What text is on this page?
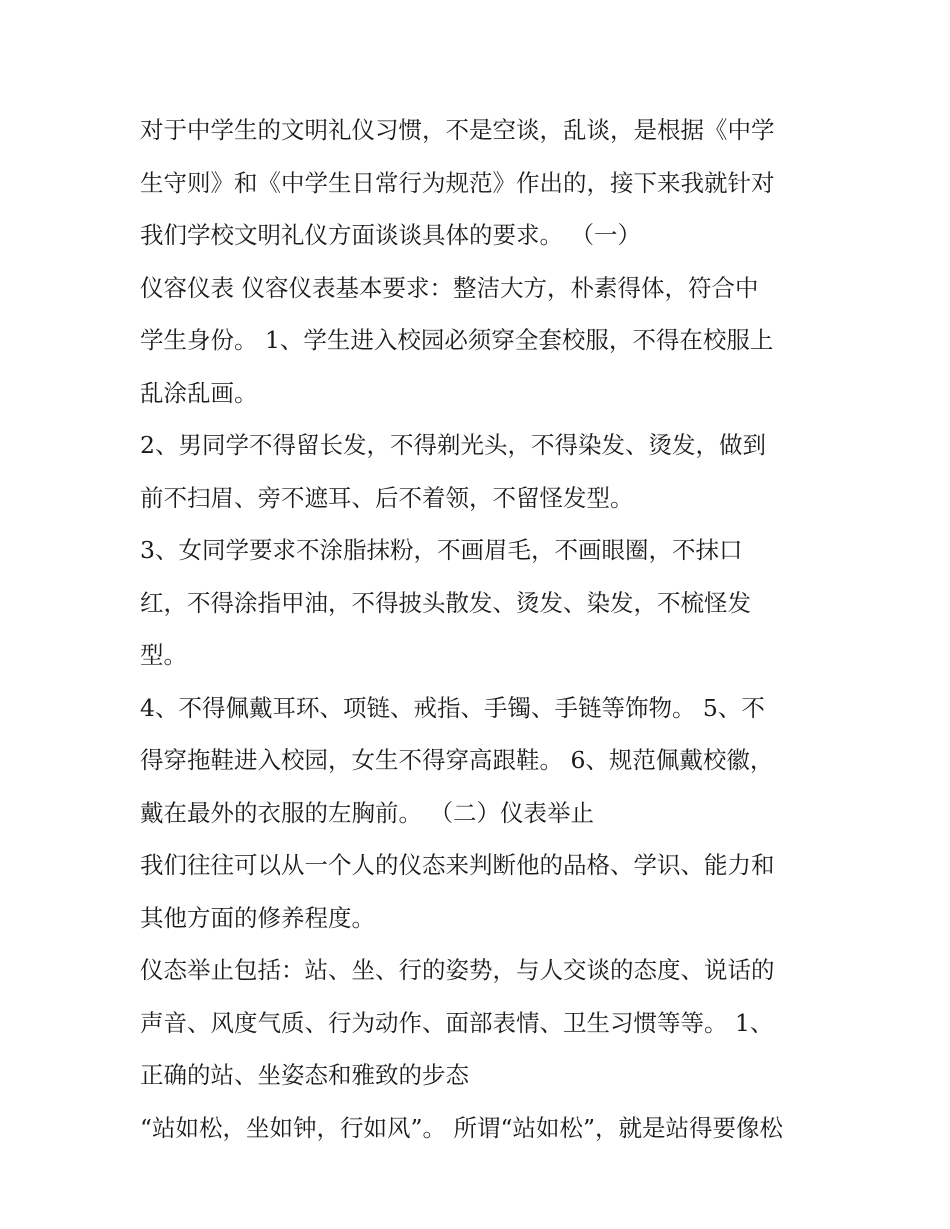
对于中学生的文明礼仪习惯，不是空谈，乱谈，是根据《中学
生守则》和《中学生日常行为规范》作出的，接下来我就针对
我们学校文明礼仪方面谈谈具体的要求。 （一）
仪容仪表 仪容仪表基本要求：整洁大方，朴素得体，符合中
学生身份。 1、学生进入校园必须穿全套校服，不得在校服上
乱涂乱画。
2、男同学不得留长发，不得剃光头，不得染发、烫发，做到
前不扫眉、旁不遮耳、后不着领，不留怪发型。
3、女同学要求不涂脂抹粉，不画眉毛，不画眼圈，不抹口
红，不得涂指甲油，不得披头散发、烫发、染发，不梳怪发
型。
4、不得佩戴耳环、项链、戒指、手镯、手链等饰物。 5、不
得穿拖鞋进入校园，女生不得穿高跟鞋。 6、规范佩戴校徽，
戴在最外的衣服的左胸前。 （二）仪表举止
我们往往可以从一个人的仪态来判断他的品格、学识、能力和
其他方面的修养程度。
仪态举止包括：站、坐、行的姿势，与人交谈的态度、说话的
声音、风度气质、行为动作、面部表情、卫生习惯等等。 1、
正确的站、坐姿态和雅致的步态
“站如松，坐如钟，行如风”。 所谓“站如松”，就是站得要像松
